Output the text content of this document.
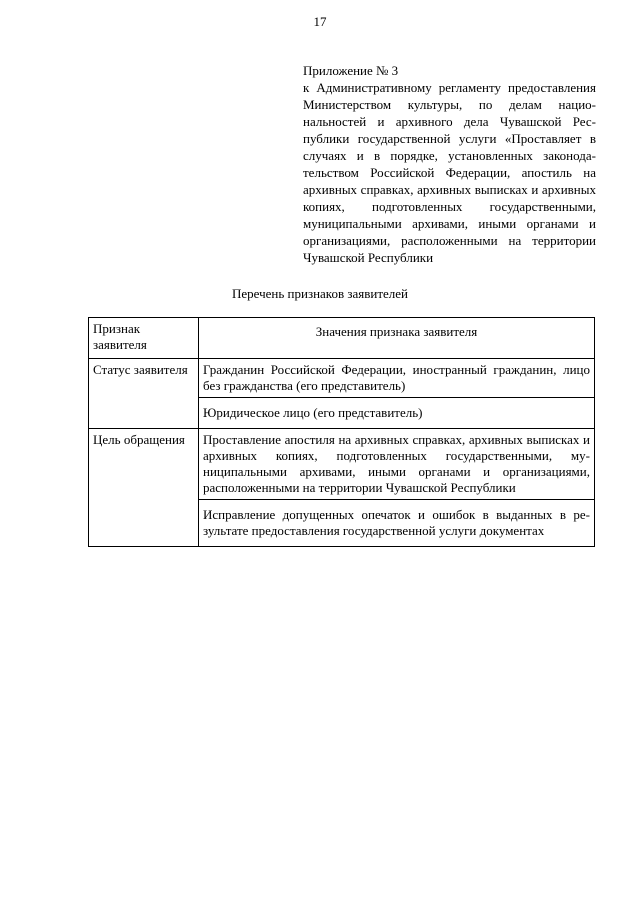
17
Приложение № 3
к Административному регламенту предоставления Министерством культуры, по делам национальностей и архивного дела Чувашской Республики государственной услуги «Проставляет в случаях и в порядке, установленных законодательством Российской Федерации, апостиль на архивных справках, архивных выписках и архивных копиях, подготовленных государственными, муниципальными архивами, иными органами и организациями, расположенными на территории Чувашской Республики
Перечень признаков заявителей
Признак заявителя	Значения признака заявителя
Статус заявителя	Гражданин Российской Федерации, иностранный гражданин, лицо без гражданства (его представитель)
	Юридическое лицо (его представитель)
Цель обращения	Проставление апостиля на архивных справках, архивных выписках и архивных копиях, подготовленных государственными, муниципальными архивами, иными органами и организациями, расположенными на территории Чувашской Республики
	Исправление допущенных опечаток и ошибок в выданных в результате предоставления государственной услуги документах
